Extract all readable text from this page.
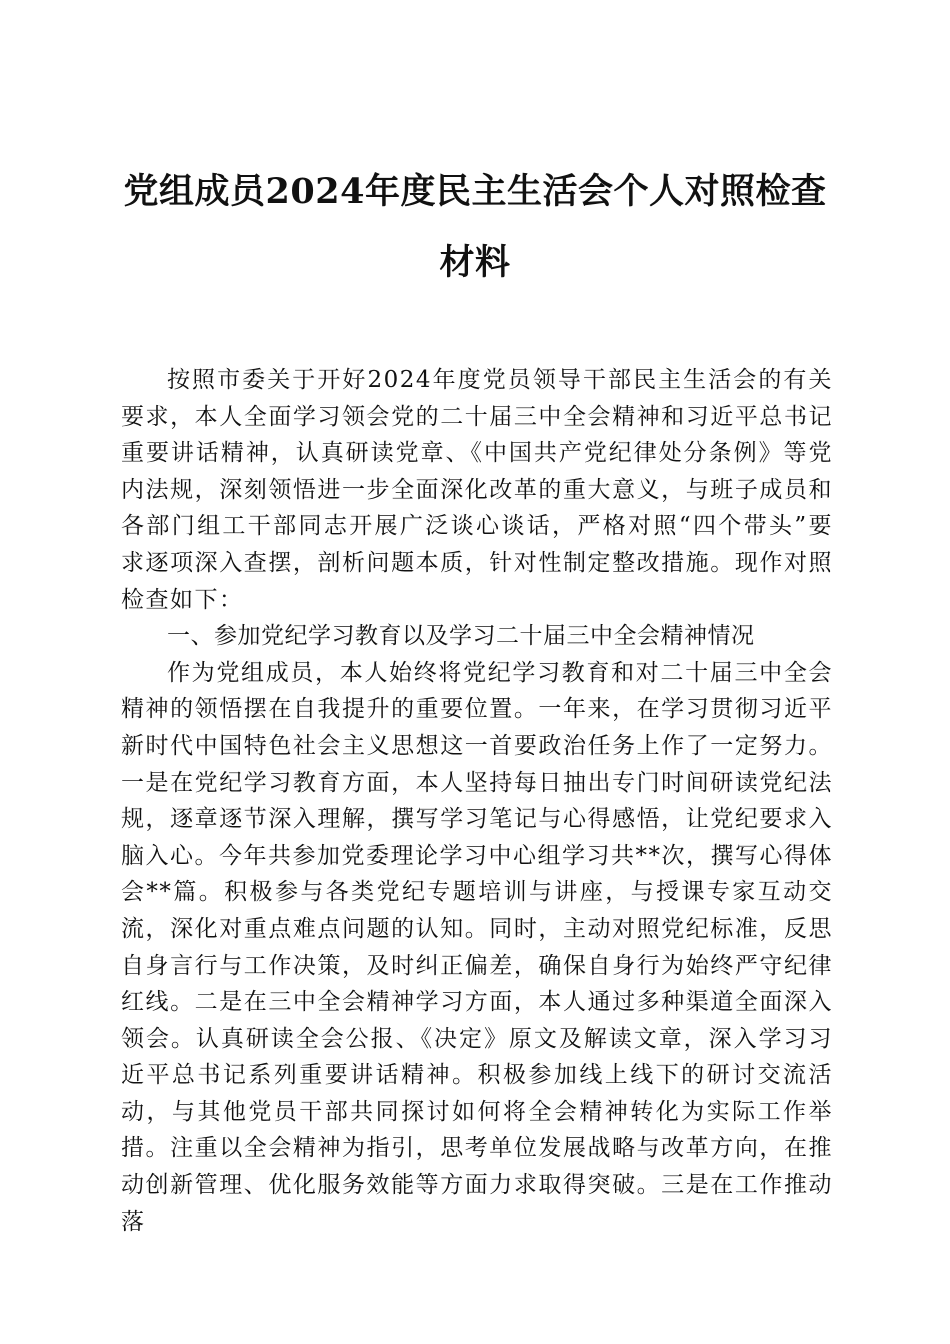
党组成员2024年度民主生活会个人对照检查
材料

按照市委关于开好2024年度党员领导干部民主生活会的有关要求，本人全面学习领会党的二十届三中全会精神和习近平总书记重要讲话精神，认真研读党章、《中国共产党纪律处分条例》等党内法规，深刻领悟进一步全面深化改革的重大意义，与班子成员和各部门组工干部同志开展广泛谈心谈话，严格对照“四个带头”要求逐项深入查摆，剖析问题本质，针对性制定整改措施。现作对照检查如下：

一、参加党纪学习教育以及学习二十届三中全会精神情况

作为党组成员，本人始终将党纪学习教育和对二十届三中全会精神的领悟摆在自我提升的重要位置。一年来，在学习贯彻习近平新时代中国特色社会主义思想这一首要政治任务上作了一定努力。一是在党纪学习教育方面，本人坚持每日抽出专门时间研读党纪法规，逐章逐节深入理解，撰写学习笔记与心得感悟，让党纪要求入脑入心。今年共参加党委理论学习中心组学习共**次，撰写心得体会**篇。积极参与各类党纪专题培训与讲座，与授课专家互动交流，深化对重点难点问题的认知。同时，主动对照党纪标准，反思自身言行与工作决策，及时纠正偏差，确保自身行为始终严守纪律红线。二是在三中全会精神学习方面，本人通过多种渠道全面深入领会。认真研读全会公报、《决定》原文及解读文章，深入学习习近平总书记系列重要讲话精神。积极参加线上线下的研讨交流活动，与其他党员干部共同探讨如何将全会精神转化为实际工作举措。注重以全会精神为指引，思考单位发展战略与改革方向，在推动创新管理、优化服务效能等方面力求取得突破。三是在工作推动落
